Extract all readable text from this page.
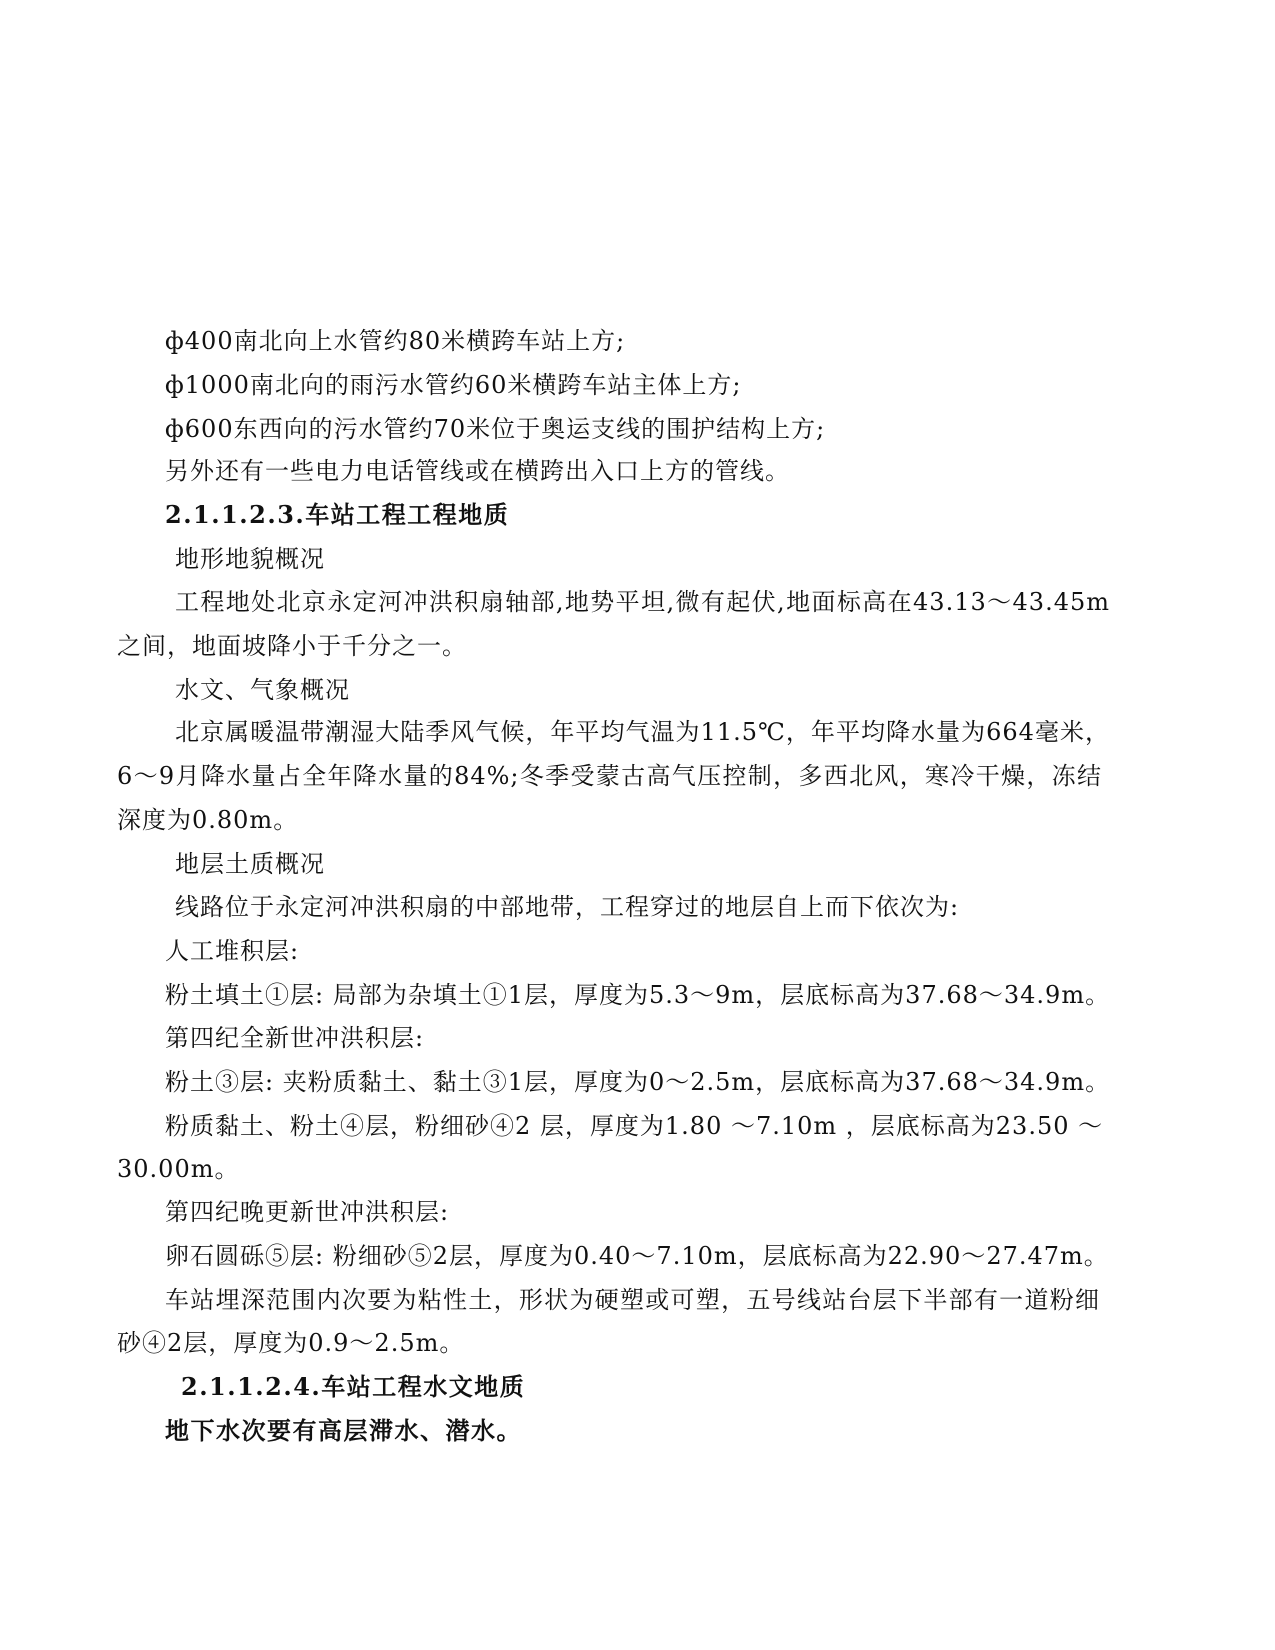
ф400南北向上水管约80米横跨车站上方;
ф1000南北向的雨污水管约60米横跨车站主体上方;
ф600东西向的污水管约70米位于奥运支线的围护结构上方;
另外还有一些电力电话管线或在横跨出入口上方的管线。
2.1.1.2.3.车站工程工程地质
地形地貌概况
工程地处北京永定河冲洪积扇轴部,地势平坦,微有起伏,地面标高在43.13～43.45m
之间，地面坡降小于千分之一。
水文、气象概况
北京属暖温带潮湿大陆季风气候，年平均气温为11.5℃，年平均降水量为664毫米，
6～9月降水量占全年降水量的84%;冬季受蒙古高气压控制，多西北风，寒冷干燥，冻结
深度为0.80m。
地层土质概况
线路位于永定河冲洪积扇的中部地带，工程穿过的地层自上而下依次为:
人工堆积层:
粉土填土①层: 局部为杂填土①1层，厚度为5.3～9m，层底标高为37.68～34.9m。
第四纪全新世冲洪积层:
粉土③层: 夹粉质黏土、黏土③1层，厚度为0～2.5m，层底标高为37.68～34.9m。
粉质黏土、粉土④层，粉细砂④2 层，厚度为1.80 ～7.10m ，层底标高为23.50 ～
30.00m。
第四纪晚更新世冲洪积层:
卵石圆砾⑤层: 粉细砂⑤2层，厚度为0.40～7.10m，层底标高为22.90～27.47m。
车站埋深范围内次要为粘性土，形状为硬塑或可塑，五号线站台层下半部有一道粉细
砂④2层，厚度为0.9～2.5m。
2.1.1.2.4.车站工程水文地质
地下水次要有高层滞水、潜水。
